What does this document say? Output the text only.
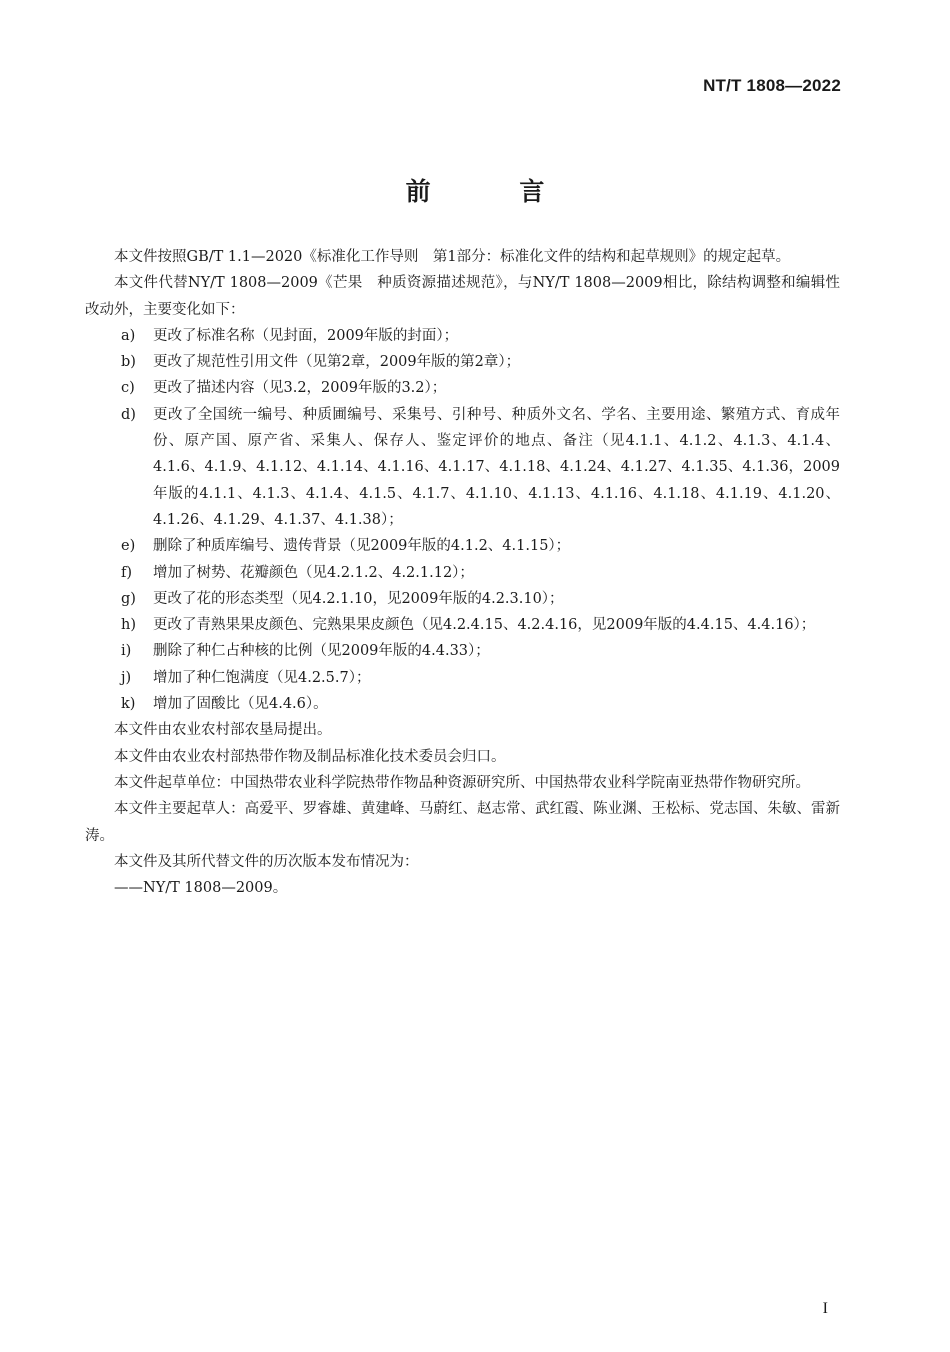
NT/T 1808—2022
前 言

本文件按照GB/T 1.1—2020《标准化工作导则　第1部分：标准化文件的结构和起草规则》的规定起草。

本文件代替NY/T 1808—2009《芒果　种质资源描述规范》，与NY/T 1808—2009相比，除结构调整和编辑性改动外，主要变化如下：

a) 更改了标准名称（见封面，2009年版的封面）；

b) 更改了规范性引用文件（见第2章，2009年版的第2章）；

c) 更改了描述内容（见3.2，2009年版的3.2）；

d) 更改了全国统一编号、种质圃编号、采集号、引种号、种质外文名、学名、主要用途、繁殖方式、育成年份、原产国、原产省、采集人、保存人、鉴定评价的地点、备注（见4.1.1、4.1.2、4.1.3、4.1.4、4.1.6、4.1.9、4.1.12、4.1.14、4.1.16、4.1.17、4.1.18、4.1.24、4.1.27、4.1.35、4.1.36，2009年版的4.1.1、4.1.3、4.1.4、4.1.5、4.1.7、4.1.10、4.1.13、4.1.16、4.1.18、4.1.19、4.1.20、4.1.26、4.1.29、4.1.37、4.1.38）；

e) 删除了种质库编号、遗传背景（见2009年版的4.1.2、4.1.15）；

f) 增加了树势、花瓣颜色（见4.2.1.2、4.2.1.12）；

g) 更改了花的形态类型（见4.2.1.10，见2009年版的4.2.3.10）；

h) 更改了青熟果果皮颜色、完熟果果皮颜色（见4.2.4.15、4.2.4.16，见2009年版的4.4.15、4.4.16）；

i) 删除了种仁占种核的比例（见2009年版的4.4.33）；

j) 增加了种仁饱满度（见4.2.5.7）；

k) 增加了固酸比（见4.4.6）。

本文件由农业农村部农垦局提出。

本文件由农业农村部热带作物及制品标准化技术委员会归口。

本文件起草单位：中国热带农业科学院热带作物品种资源研究所、中国热带农业科学院南亚热带作物研究所。

本文件主要起草人：高爱平、罗睿雄、黄建峰、马蔚红、赵志常、武红霞、陈业渊、王松标、党志国、朱敏、雷新涛。

本文件及其所代替文件的历次版本发布情况为：

——NY/T 1808—2009。

I
